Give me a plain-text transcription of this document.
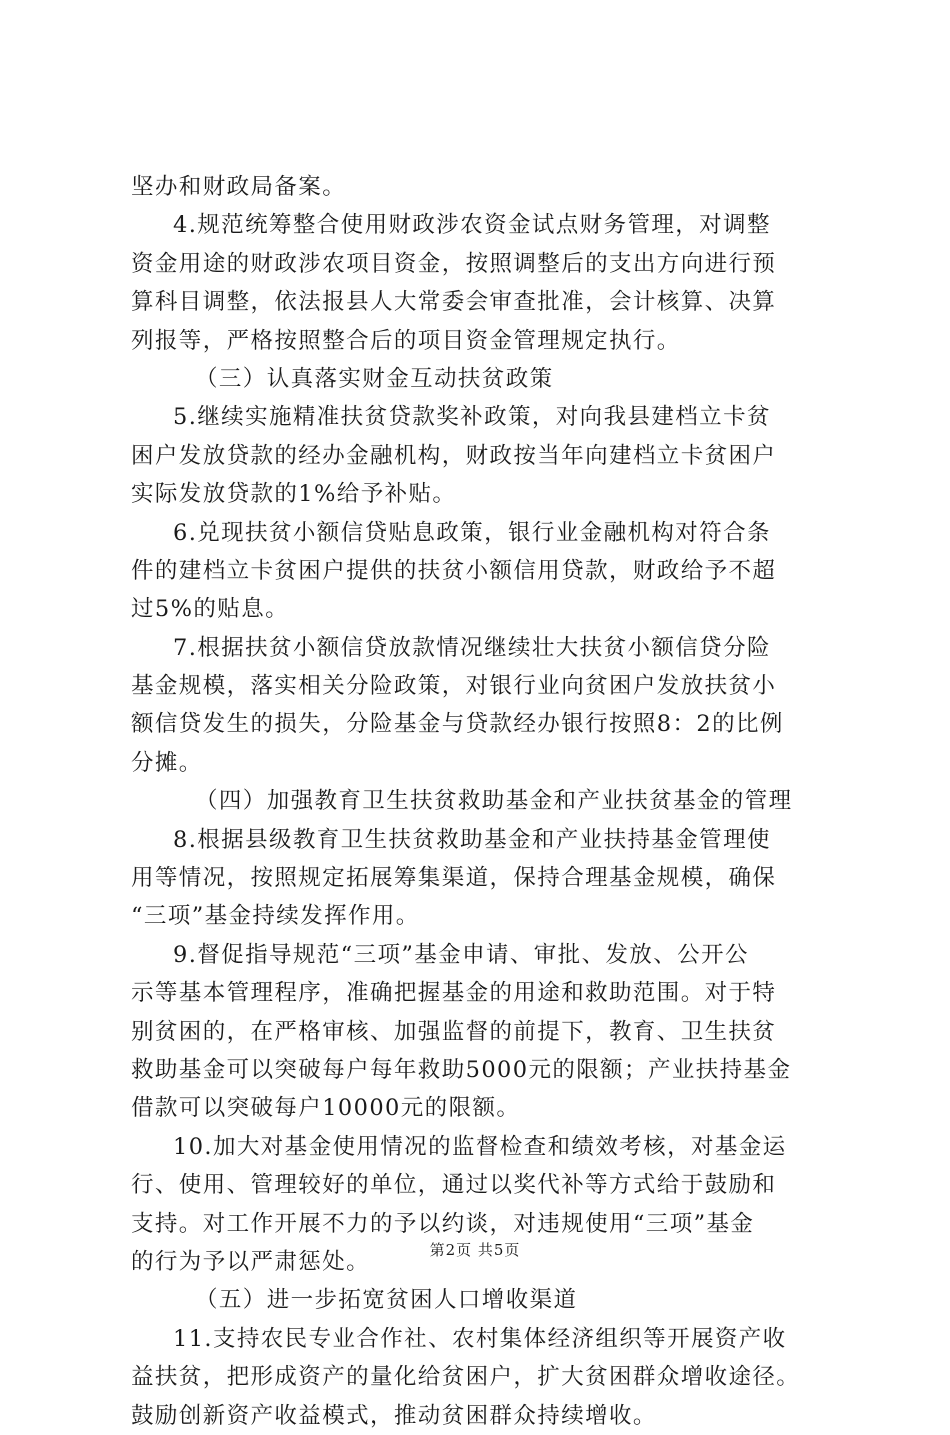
坚办和财政局备案。
4.规范统筹整合使用财政涉农资金试点财务管理，对调整
资金用途的财政涉农项目资金，按照调整后的支出方向进行预
算科目调整，依法报县人大常委会审查批准，会计核算、决算
列报等，严格按照整合后的项目资金管理规定执行。
（三）认真落实财金互动扶贫政策
5.继续实施精准扶贫贷款奖补政策，对向我县建档立卡贫
困户发放贷款的经办金融机构，财政按当年向建档立卡贫困户
实际发放贷款的1%给予补贴。
6.兑现扶贫小额信贷贴息政策，银行业金融机构对符合条
件的建档立卡贫困户提供的扶贫小额信用贷款，财政给予不超
过5%的贴息。
7.根据扶贫小额信贷放款情况继续壮大扶贫小额信贷分险
基金规模，落实相关分险政策，对银行业向贫困户发放扶贫小
额信贷发生的损失，分险基金与贷款经办银行按照8：2的比例
分摊。
（四）加强教育卫生扶贫救助基金和产业扶贫基金的管理
8.根据县级教育卫生扶贫救助基金和产业扶持基金管理使
用等情况，按照规定拓展筹集渠道，保持合理基金规模，确保
“三项”基金持续发挥作用。
9.督促指导规范“三项”基金申请、审批、发放、公开公
示等基本管理程序，准确把握基金的用途和救助范围。对于特
别贫困的，在严格审核、加强监督的前提下，教育、卫生扶贫
救助基金可以突破每户每年救助5000元的限额；产业扶持基金
借款可以突破每户10000元的限额。
10.加大对基金使用情况的监督检查和绩效考核，对基金运
行、使用、管理较好的单位，通过以奖代补等方式给于鼓励和
支持。对工作开展不力的予以约谈，对违规使用“三项”基金
的行为予以严肃惩处。
（五）进一步拓宽贫困人口增收渠道
11.支持农民专业合作社、农村集体经济组织等开展资产收
益扶贫，把形成资产的量化给贫困户，扩大贫困群众增收途径。
鼓励创新资产收益模式，推动贫困群众持续增收。
第2页 共5页
